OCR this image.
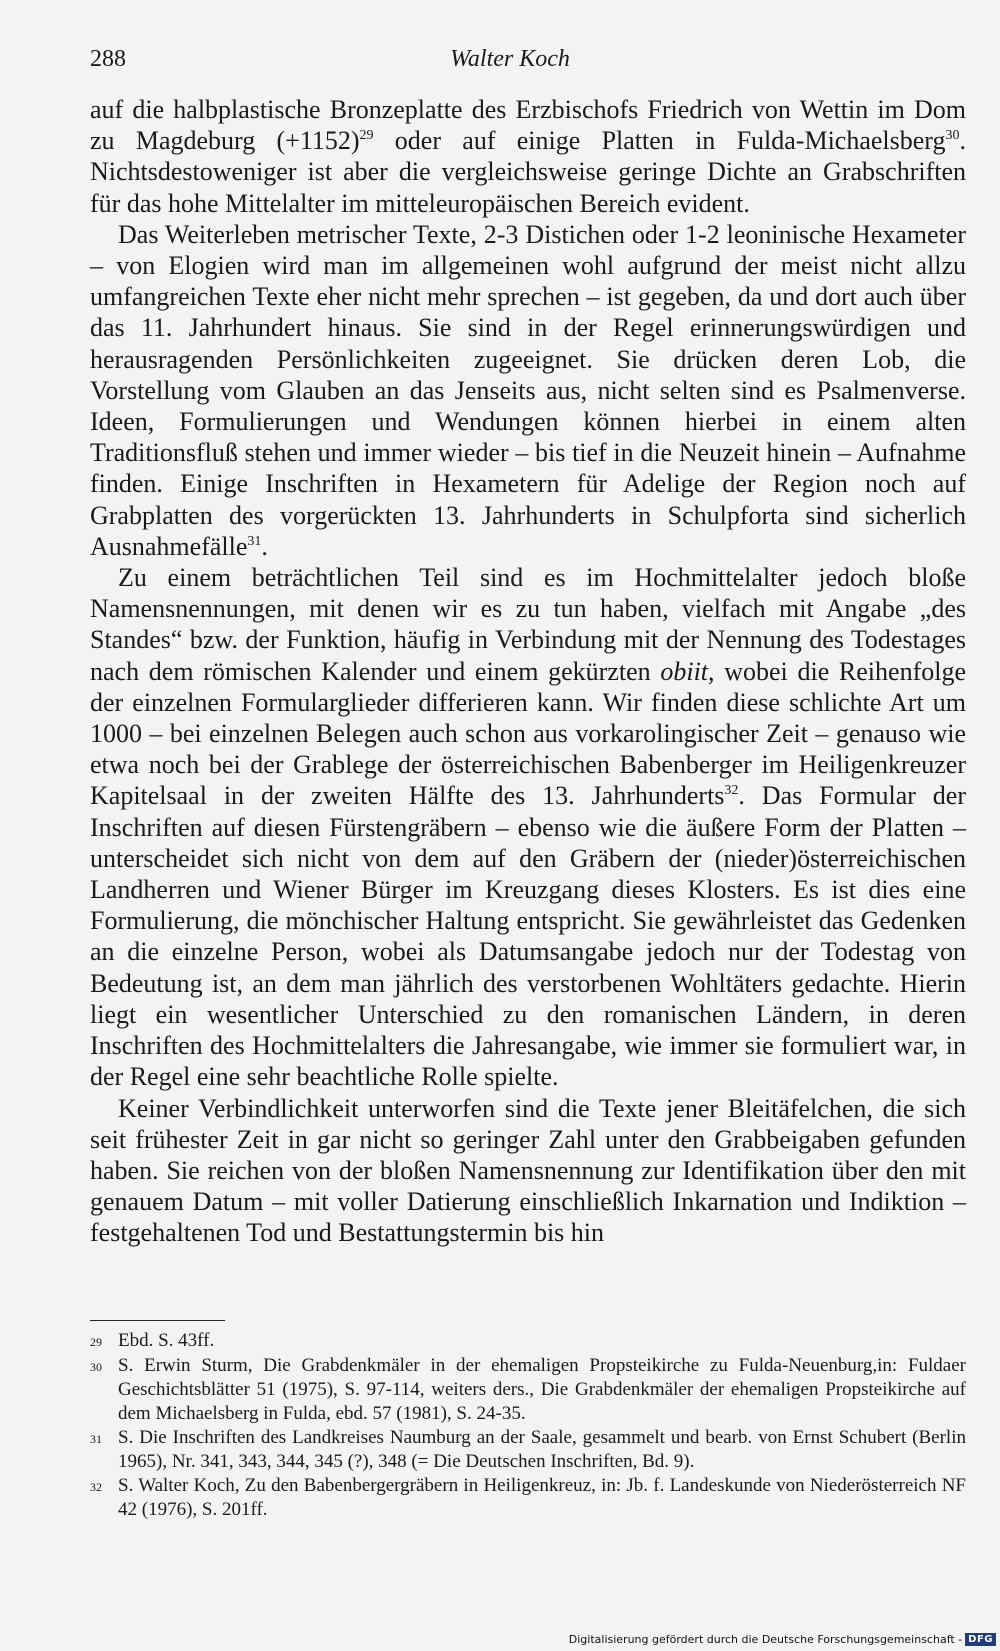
288	Walter Koch

auf die halbplastische Bronzeplatte des Erzbischofs Friedrich von Wettin im Dom zu Magdeburg $(+1152)^{29}$ oder auf einige Platten in Fulda-Michaelsberg$^{30}$. Nichtsdestoweniger ist aber die vergleichsweise geringe Dichte an Grabschriften für das hohe Mittelalter im mitteleuropäischen Bereich evident.

Das Weiterleben metrischer Texte, 2-3 Distichen oder 1-2 leoninische Hexameter – von Elogien wird man im allgemeinen wohl aufgrund der meist nicht allzu umfangreichen Texte eher nicht mehr sprechen – ist gegeben, da und dort auch über das 11. Jahrhundert hinaus. Sie sind in der Regel erinnerungswürdigen und herausragenden Persönlichkeiten zugeeignet. Sie drücken deren Lob, die Vorstellung vom Glauben an das Jenseits aus, nicht selten sind es Psalmenverse. Ideen, Formulierungen und Wendungen können hierbei in einem alten Traditionsfluß stehen und immer wieder – bis tief in die Neuzeit hinein – Aufnahme finden. Einige Inschriften in Hexametern für Adelige der Region noch auf Grabplatten des vorgerückten 13. Jahrhunderts in Schulpforta sind sicherlich Ausnahmefälle$^{31}$.

Zu einem beträchtlichen Teil sind es im Hochmittelalter jedoch bloße Namensnennungen, mit denen wir es zu tun haben, vielfach mit Angabe „des Standes“ bzw. der Funktion, häufig in Verbindung mit der Nennung des Todestages nach dem römischen Kalender und einem gekürzten obiit, wobei die Reihenfolge der einzelnen Formularglieder differieren kann. Wir finden diese schlichte Art um 1000 – bei einzelnen Belegen auch schon aus vorkarolingischer Zeit – genauso wie etwa noch bei der Grablege der österreichischen Babenberger im Heiligenkreuzer Kapitelsaal in der zweiten Hälfte des 13. Jahrhunderts$^{32}$. Das Formular der Inschriften auf diesen Fürstengräbern – ebenso wie die äußere Form der Platten – unterscheidet sich nicht von dem auf den Gräbern der (nieder)österreichischen Landherren und Wiener Bürger im Kreuzgang dieses Klosters. Es ist dies eine Formulierung, die mönchischer Haltung entspricht. Sie gewährleistet das Gedenken an die einzelne Person, wobei als Datumsangabe jedoch nur der Todestag von Bedeutung ist, an dem man jährlich des verstorbenen Wohltäters gedachte. Hierin liegt ein wesentlicher Unterschied zu den romanischen Ländern, in deren Inschriften des Hochmittelalters die Jahresangabe, wie immer sie formuliert war, in der Regel eine sehr beachtliche Rolle spielte.

Keiner Verbindlichkeit unterworfen sind die Texte jener Bleitäfelchen, die sich seit frühester Zeit in gar nicht so geringer Zahl unter den Grabbeigaben gefunden haben. Sie reichen von der bloßen Namensnennung zur Identifikation über den mit genauem Datum – mit voller Datierung einschließlich Inkarnation und Indiktion – festgehaltenen Tod und Bestattungstermin bis hin

29 Ebd. S. 43ff.
30 S. Erwin Sturm, Die Grabdenkmäler in der ehemaligen Propsteikirche zu Fulda-Neuenburg,in: Fuldaer Geschichtsblätter 51 (1975), S. 97-114, weiters ders., Die Grabdenkmäler der ehemaligen Propsteikirche auf dem Michaelsberg in Fulda, ebd. 57 (1981), S. 24-35.
31 S. Die Inschriften des Landkreises Naumburg an der Saale, gesammelt und bearb. von Ernst Schubert (Berlin 1965), Nr. 341, 343, 344, 345 (?), 348 (= Die Deutschen Inschriften, Bd. 9).
32 S. Walter Koch, Zu den Babenbergergräbern in Heiligenkreuz, in: Jb. f. Landeskunde von Niederösterreich NF 42 (1976), S. 201ff.
Digitalisierung gefördert durch die Deutsche Forschungsgemeinschaft - DFG
